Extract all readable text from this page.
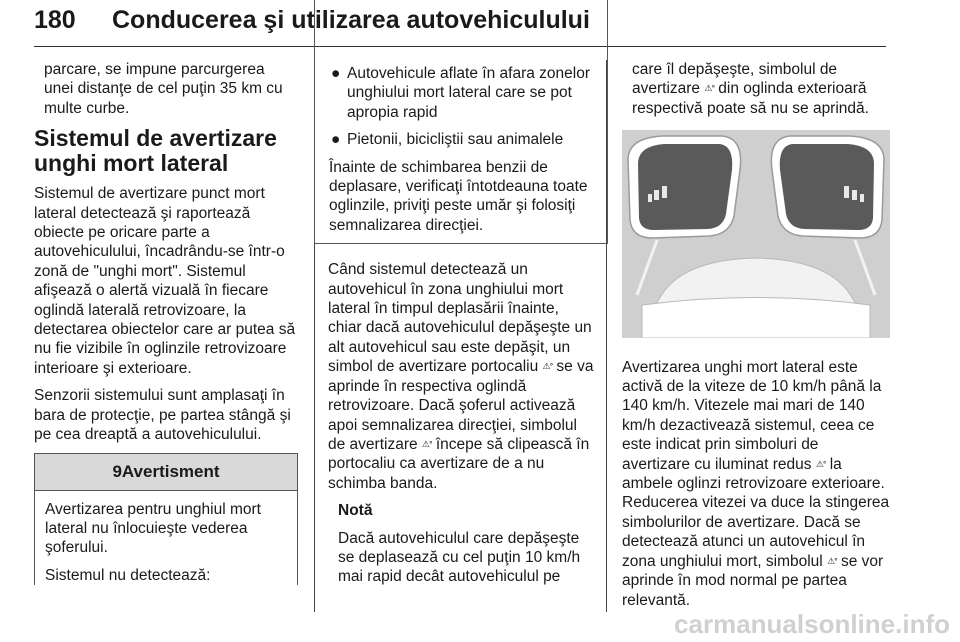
180 Conducerea şi utilizarea autovehiculului

parcare, se impune parcurgerea unei distanţe de cel puţin 35 km cu multe curbe.

Sistemul de avertizare unghi mort lateral

Sistemul de avertizare punct mort lateral detectează şi raportează obiecte pe oricare parte a autovehiculului, încadrându-se într-o zonă de "unghi mort". Sistemul afişează o alertă vizuală în fiecare oglindă laterală retrovizoare, la detectarea obiectelor care ar putea să nu fie vizibile în oglinzile retrovizoare interioare şi exterioare.

Senzorii sistemului sunt amplasaţi în bara de protecţie, pe partea stângă şi pe cea dreaptă a autovehiculului.

9Avertisment

Avertizarea pentru unghiul mort lateral nu înlocuieşte vederea şoferului.

Sistemul nu detectează:

● Autovehicule aflate în afara zonelor unghiului mort lateral care se pot apropia rapid
● Pietonii, bicicliştii sau animalele

Înainte de schimbarea benzii de deplasare, verificaţi întotdeauna toate oglinzile, priviţi peste umăr şi folosiţi semnalizarea direcţiei.

Când sistemul detectează un autovehicul în zona unghiului mort lateral în timpul deplasării înainte, chiar dacă autovehiculul depăşeşte un alt autovehicul sau este depăşit, un simbol de avertizare portocaliu ⚠ᐤ se va aprinde în respectiva oglindă retrovizoare. Dacă şoferul activează apoi semnalizarea direcţiei, simbolul de avertizare ⚠ᐤ începe să clipească în portocaliu ca avertizare de a nu schimba banda.

Notă

Dacă autovehiculul care depăşeşte se deplasează cu cel puţin 10 km/h mai rapid decât autovehiculul pe

care îl depăşeşte, simbolul de avertizare ⚠ᐤ din oglinda exterioară respectivă poate să nu se aprindă.

Avertizarea unghi mort lateral este activă de la viteze de 10 km/h până la 140 km/h. Vitezele mai mari de 140 km/h dezactivează sistemul, ceea ce este indicat prin simboluri de avertizare cu iluminat redus ⚠ᐤ la ambele oglinzi retrovizoare exterioare. Reducerea vitezei va duce la stingerea simbolurilor de avertizare. Dacă se detectează atunci un autovehicul în zona unghiului mort, simbolul ⚠ᐤ se vor aprinde în mod normal pe partea relevantă.

carmanualsonline.info
